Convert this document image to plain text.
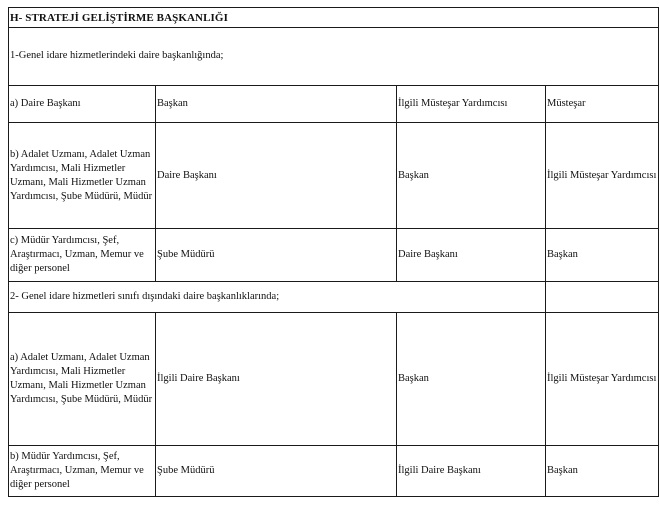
H- STRATEJİ GELİŞTİRME BAŞKANLIĞI			
1-Genel idare hizmetlerindeki daire başkanlığında;			
a) Daire Başkanı	Başkan	İlgili Müsteşar Yardımcısı	Müsteşar
b) Adalet Uzmanı, Adalet Uzman Yardımcısı, Mali Hizmetler Uzmanı, Mali Hizmetler Uzman Yardımcısı, Şube Müdürü, Müdür	Daire Başkanı	Başkan	İlgili Müsteşar Yardımcısı
c) Müdür Yardımcısı, Şef, Araştırmacı, Uzman, Memur ve diğer personel	Şube Müdürü	Daire Başkanı	Başkan
2- Genel idare hizmetleri sınıfı dışındaki daire başkanlıklarında;			
a) Adalet Uzmanı, Adalet Uzman Yardımcısı, Mali Hizmetler Uzmanı, Mali Hizmetler Uzman Yardımcısı, Şube Müdürü, Müdür	İlgili Daire Başkanı	Başkan	İlgili Müsteşar Yardımcısı
b) Müdür Yardımcısı, Şef, Araştırmacı, Uzman, Memur ve diğer personel	Şube Müdürü	İlgili Daire Başkanı	Başkan
